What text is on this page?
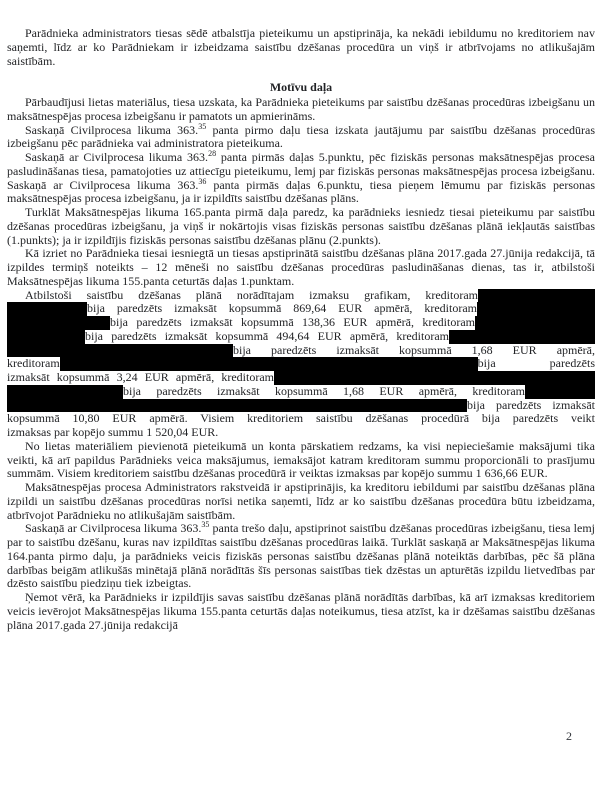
Parādnieka administrators tiesas sēdē atbalstīja pieteikumu un apstiprināja, ka nekādi iebildumu no kreditoriem nav saņemti, līdz ar ko Parādniekam ir izbeidzama saistību dzēšanas procedūra un viņš ir atbrīvojams no atlikušajām saistībām.

Motīvu daļa

Pārbaudījusi lietas materiālus, tiesa uzskata, ka Parādnieka pieteikums par saistību dzēšanas procedūras izbeigšanu un maksātnespējas procesa izbeigšanu ir pamatots un apmierināms.

Saskaņā Civilprocesa likuma 363.35 panta pirmo daļu tiesa izskata jautājumu par saistību dzēšanas procedūras izbeigšanu pēc parādnieka vai administratora pieteikuma.

Saskaņā ar Civilprocesa likuma 363.28 panta pirmās daļas 5.punktu, pēc fiziskās personas maksātnespējas procesa pasludināšanas tiesa, pamatojoties uz attiecīgu pieteikumu, lemj par fiziskās personas maksātnespējas procesa izbeigšanu. Saskaņā ar Civilprocesa likuma 363.36 panta pirmās daļas 6.punktu, tiesa pieņem lēmumu par fiziskās personas maksātnespējas procesa izbeigšanu, ja ir izpildīts saistību dzēšanas plāns.

Turklāt Maksātnespējas likuma 165.panta pirmā daļa paredz, ka parādnieks iesniedz tiesai pieteikumu par saistību dzēšanas procedūras izbeigšanu, ja viņš ir nokārtojis visas fiziskās personas saistību dzēšanas plānā iekļautās saistības (1.punkts); ja ir izpildījis fiziskās personas saistību dzēšanas plānu (2.punkts).

Kā izriet no Parādnieka tiesai iesniegtā un tiesas apstiprinātā saistību dzēšanas plāna 2017.gada 27.jūnija redakcijā, tā izpildes termiņš noteikts – 12 mēneši no saistību dzēšanas procedūras pasludināšanas dienas, tas ir, atbilstoši Maksātnespējas likuma 155.panta ceturtās daļas 1.punktam.

Atbilstoši saistību dzēšanas plānā norādītajam izmaksu grafikam, kreditoram
bija paredzēts izmaksāt kopsummā 869,64 EUR apmērā, kreditoram
bija paredzēts izmaksāt kopsummā 138,36 EUR apmērā, kreditoram
bija paredzēts izmaksāt kopsummā 494,64 EUR apmērā, kreditoram
bija paredzēts izmaksāt kopsummā 1,68 EUR apmērā,
kreditoram	bija paredzēts
izmaksāt kopsummā 3,24 EUR apmērā, kreditoram
bija paredzēts izmaksāt kopsummā 1,68 EUR apmērā, kreditoram
bija paredzēts izmaksāt
kopsummā 10,80 EUR apmērā. Visiem kreditoriem saistību dzēšanas procedūrā bija paredzēts veikt
izmaksas par kopējo summu 1 520,04 EUR.

No lietas materiāliem pievienotā pieteikumā un konta pārskatiem redzams, ka visi nepieciešamie maksājumi tika veikti, kā arī papildus Parādnieks veica maksājumus, iemaksājot katram kreditoram summu proporcionāli to prasījumu summām. Visiem kreditoriem saistību dzēšanas procedūrā ir veiktas izmaksas par kopējo summu 1 636,66 EUR.

Maksātnespējas procesa Administrators rakstveidā ir apstiprinājis, ka kreditoru iebildumi par saistību dzēšanas plāna izpildi un saistību dzēšanas procedūras norīsi netika saņemti, līdz ar ko saistību dzēšanas procedūra būtu izbeidzama, atbrīvojot Parādnieku no atlikušajām saistībām.

Saskaņā ar Civilprocesa likuma 363.35 panta trešo daļu, apstiprinot saistību dzēšanas procedūras izbeigšanu, tiesa lemj par to saistību dzēšanu, kuras nav izpildītas saistību dzēšanas procedūras laikā. Turklāt saskaņā ar Maksātnespējas likuma 164.panta pirmo daļu, ja parādnieks veicis fiziskās personas saistību dzēšanas plānā noteiktās darbības, pēc šā plāna darbības beigām atlikušās minētajā plānā norādītās šīs personas saistības tiek dzēstas un apturētās izpildu lietvedības par dzēsto saistību piedziņu tiek izbeigtas.

Ņemot vērā, ka Parādnieks ir izpildījis savas saistību dzēšanas plānā norādītās darbības, kā arī izmaksas kreditoriem veicis ievērojot Maksātnespējas likuma 155.panta ceturtās daļas noteikumus, tiesa atzīst, ka ir dzēšamas saistību dzēšanas plāna 2017.gada 27.jūnija redakcijā

2
